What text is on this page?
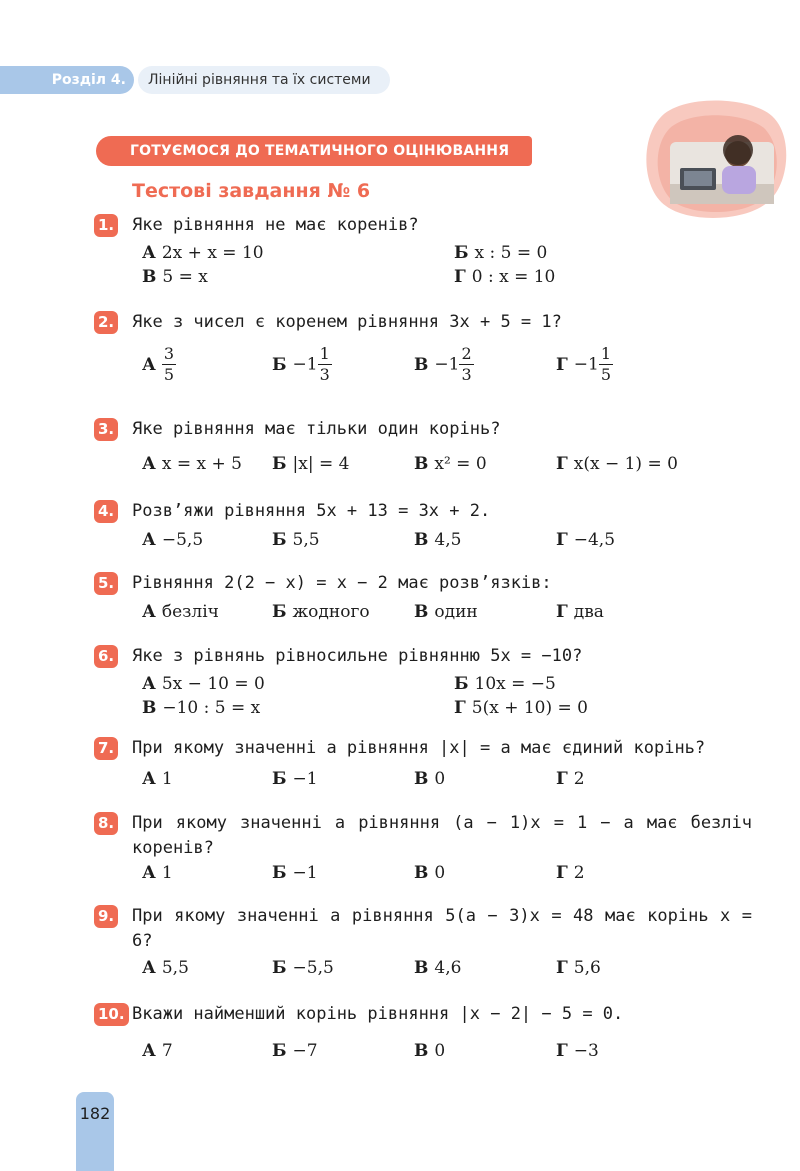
Розділ 4.	Лінійні рівняння та їх системи
ГОТУЄМОСЯ ДО ТЕМАТИЧНОГО ОЦІНЮВАННЯ
Тестові завдання № 6
1. Яке рівняння не має коренів?
А 2x + x = 10	Б x : 5 = 0
В 5 = x	Г 0 : x = 10
2. Яке з чисел є коренем рівняння 3x + 5 = 1?
А $\frac{3}{5}$	$Б -1 \frac{1}{3}$	$В -1 \frac{2}{3}$	$Г -1 \frac{1}{5}$
3. Яке рівняння має тільки один корінь?
А x = x + 5 Б |x| = 4	В x² = 0	Г x(x − 1) = 0
4. Розв’яжи рівняння 5x + 13 = 3x + 2.
А −5,5	Б 5,5	В 4,5	Г −4,5
5. Рівняння 2(2 − x) = x − 2 має розв’язків:
А безліч	Б жодного	В один	Г два
6. Яке з рівнянь рівносильне рівнянню 5x = −10?
А 5x − 10 = 0	Б 10x = −5
В −10 : 5 = x	Г 5(x + 10) = 0
7. При якому значенні a рівняння |x| = a має єдиний корінь?
А 1	Б −1	В 0	Г 2
8. При якому значенні a рівняння (a − 1)x = 1 − a має безліч коренів?
А 1	Б −1	В 0	Г 2
9. При якому значенні a рівняння 5(a − 3)x = 48 має корінь x = 6?
А 5,5	Б −5,5	В 4,6	Г 5,6
10. Вкажи найменший корінь рівняння |x − 2| − 5 = 0.
А 7	Б −7	В 0	Г −3
182
